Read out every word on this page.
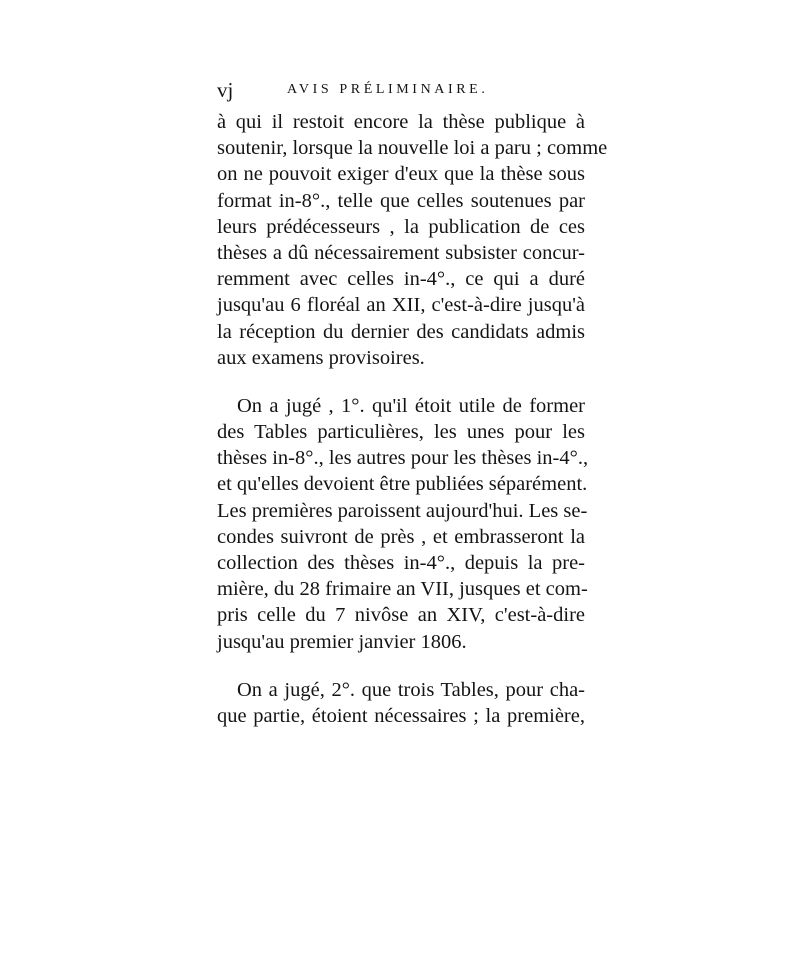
vj	AVIS PRÉLIMINAIRE.
à qui il restoit encore la thèse publique à
soutenir, lorsque la nouvelle loi a paru ; comme
on ne pouvoit exiger d'eux que la thèse sous
format in-8°., telle que celles soutenues par
leurs prédécesseurs , la publication de ces
thèses a dû nécessairement subsister concur-
remment avec celles in-4°., ce qui a duré
jusqu'au 6 floréal an XII, c'est-à-dire jusqu'à
la réception du dernier des candidats admis
aux examens provisoires.
On a jugé , 1°. qu'il étoit utile de former
des Tables particulières, les unes pour les
thèses in-8°., les autres pour les thèses in-4°.,
et qu'elles devoient être publiées séparément.
Les premières paroissent aujourd'hui. Les se-
condes suivront de près , et embrasseront la
collection des thèses in-4°., depuis la pre-
mière, du 28 frimaire an VII, jusques et com-
pris celle du 7 nivôse an XIV, c'est-à-dire
jusqu'au premier janvier 1806.
On a jugé, 2°. que trois Tables, pour cha-
que partie, étoient nécessaires ; la première,
